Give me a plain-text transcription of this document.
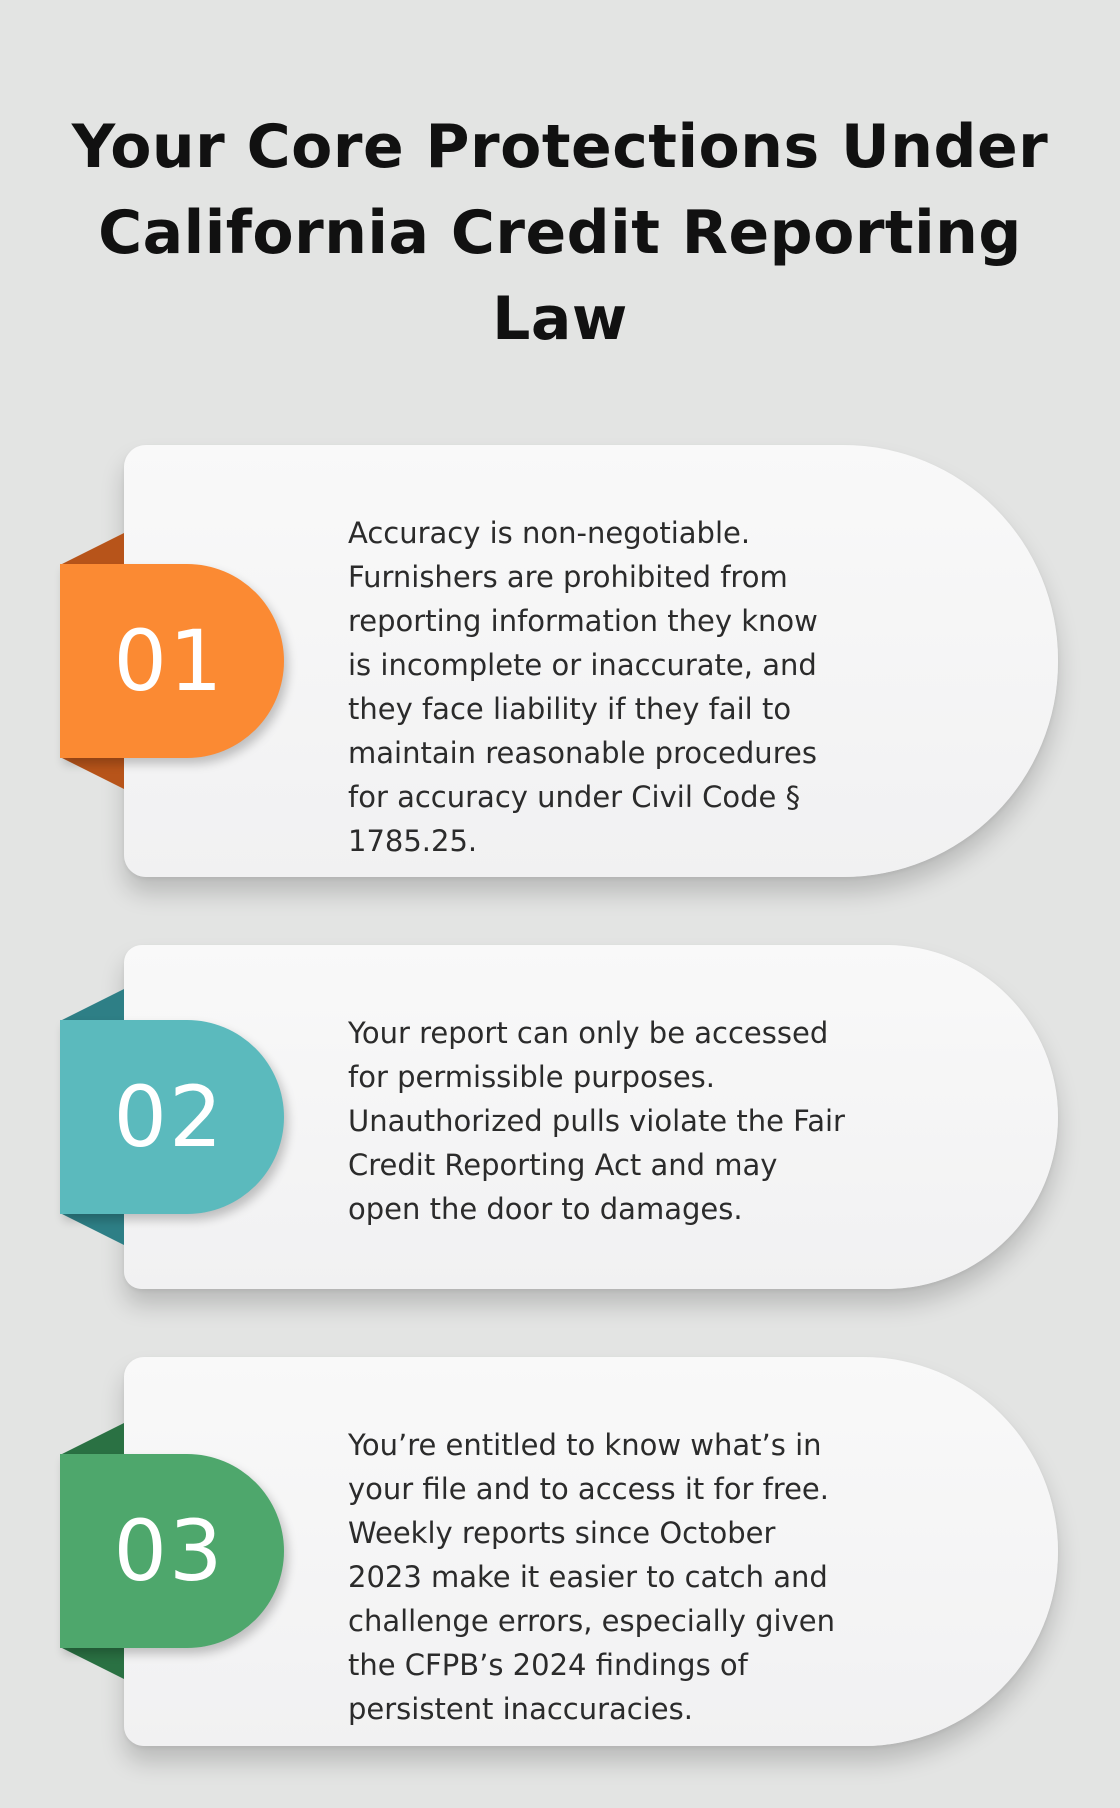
Your Core Protections Under California Credit Reporting Law
Accuracy is non-negotiable. Furnishers are prohibited from reporting information they know is incomplete or inaccurate, and they face liability if they fail to maintain reasonable procedures for accuracy under Civil Code § 1785.25.
01
Your report can only be accessed for permissible purposes. Unauthorized pulls violate the Fair Credit Reporting Act and may open the door to damages.
02
You’re entitled to know what’s in your file and to access it for free. Weekly reports since October 2023 make it easier to catch and challenge errors, especially given the CFPB’s 2024 findings of persistent inaccuracies.
03
